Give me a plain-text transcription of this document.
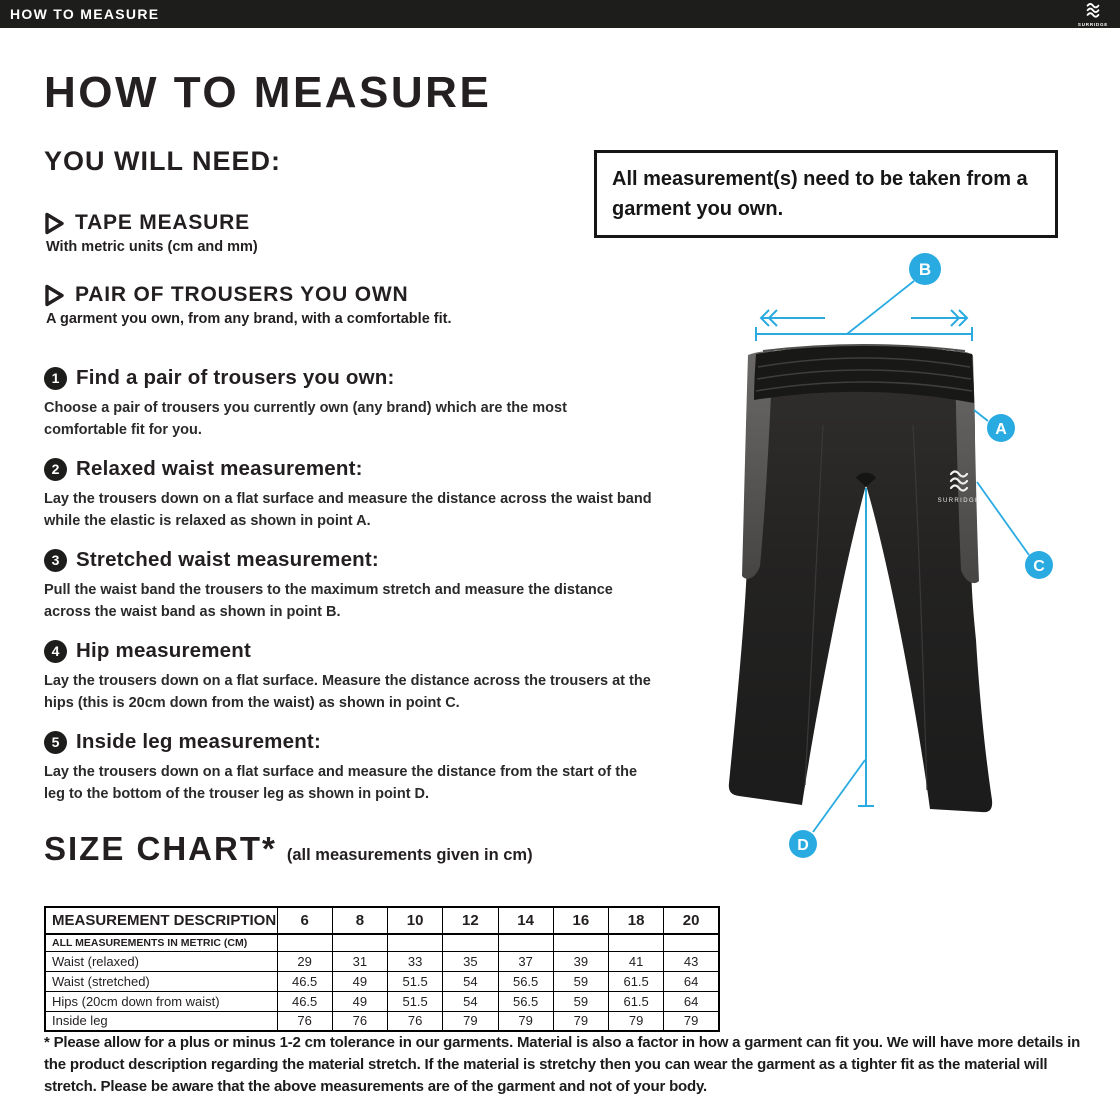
HOW TO MEASURE
SURRIDGE
HOW TO MEASURE
YOU WILL NEED:
TAPE MEASURE
With metric units (cm and mm)
PAIR OF TROUSERS YOU OWN
A garment you own, from any brand, with a comfortable fit.
All measurement(s) need to be taken from a garment you own.
1 Find a pair of trousers you own:
Choose a pair of trousers you currently own (any brand) which are the most comfortable fit for you.
2 Relaxed waist measurement:
Lay the trousers down on a flat surface and measure the distance across the waist band while the elastic is relaxed as shown in point A.
3 Stretched waist measurement:
Pull the waist band the trousers to the maximum stretch and measure the distance across the waist band as shown in point B.
4 Hip measurement
Lay the trousers down on a flat surface. Measure the distance across the trousers at the hips (this is 20cm down from the waist) as shown in point C.
5 Inside leg measurement:
Lay the trousers down on a flat surface and measure the distance from the start of the leg to the bottom of the trouser leg as shown in point D.
SURRIDGE
B
A
C
D
SIZE CHART* (all measurements given in cm)
MEASUREMENT DESCRIPTION	6	8	10	12	14	16	18	20
ALL MEASUREMENTS IN METRIC (CM)								
Waist (relaxed)	29	31	33	35	37	39	41	43
Waist (stretched)	46.5	49	51.5	54	56.5	59	61.5	64
Hips (20cm down from waist)	46.5	49	51.5	54	56.5	59	61.5	64
Inside leg	76	76	76	79	79	79	79	79
* Please allow for a plus or minus 1-2 cm tolerance in our garments. Material is also a factor in how a garment can fit you. We will have more details in the product description regarding the material stretch. If the material is stretchy then you can wear the garment as a tighter fit as the material will stretch. Please be aware that the above measurements are of the garment and not of your body.
